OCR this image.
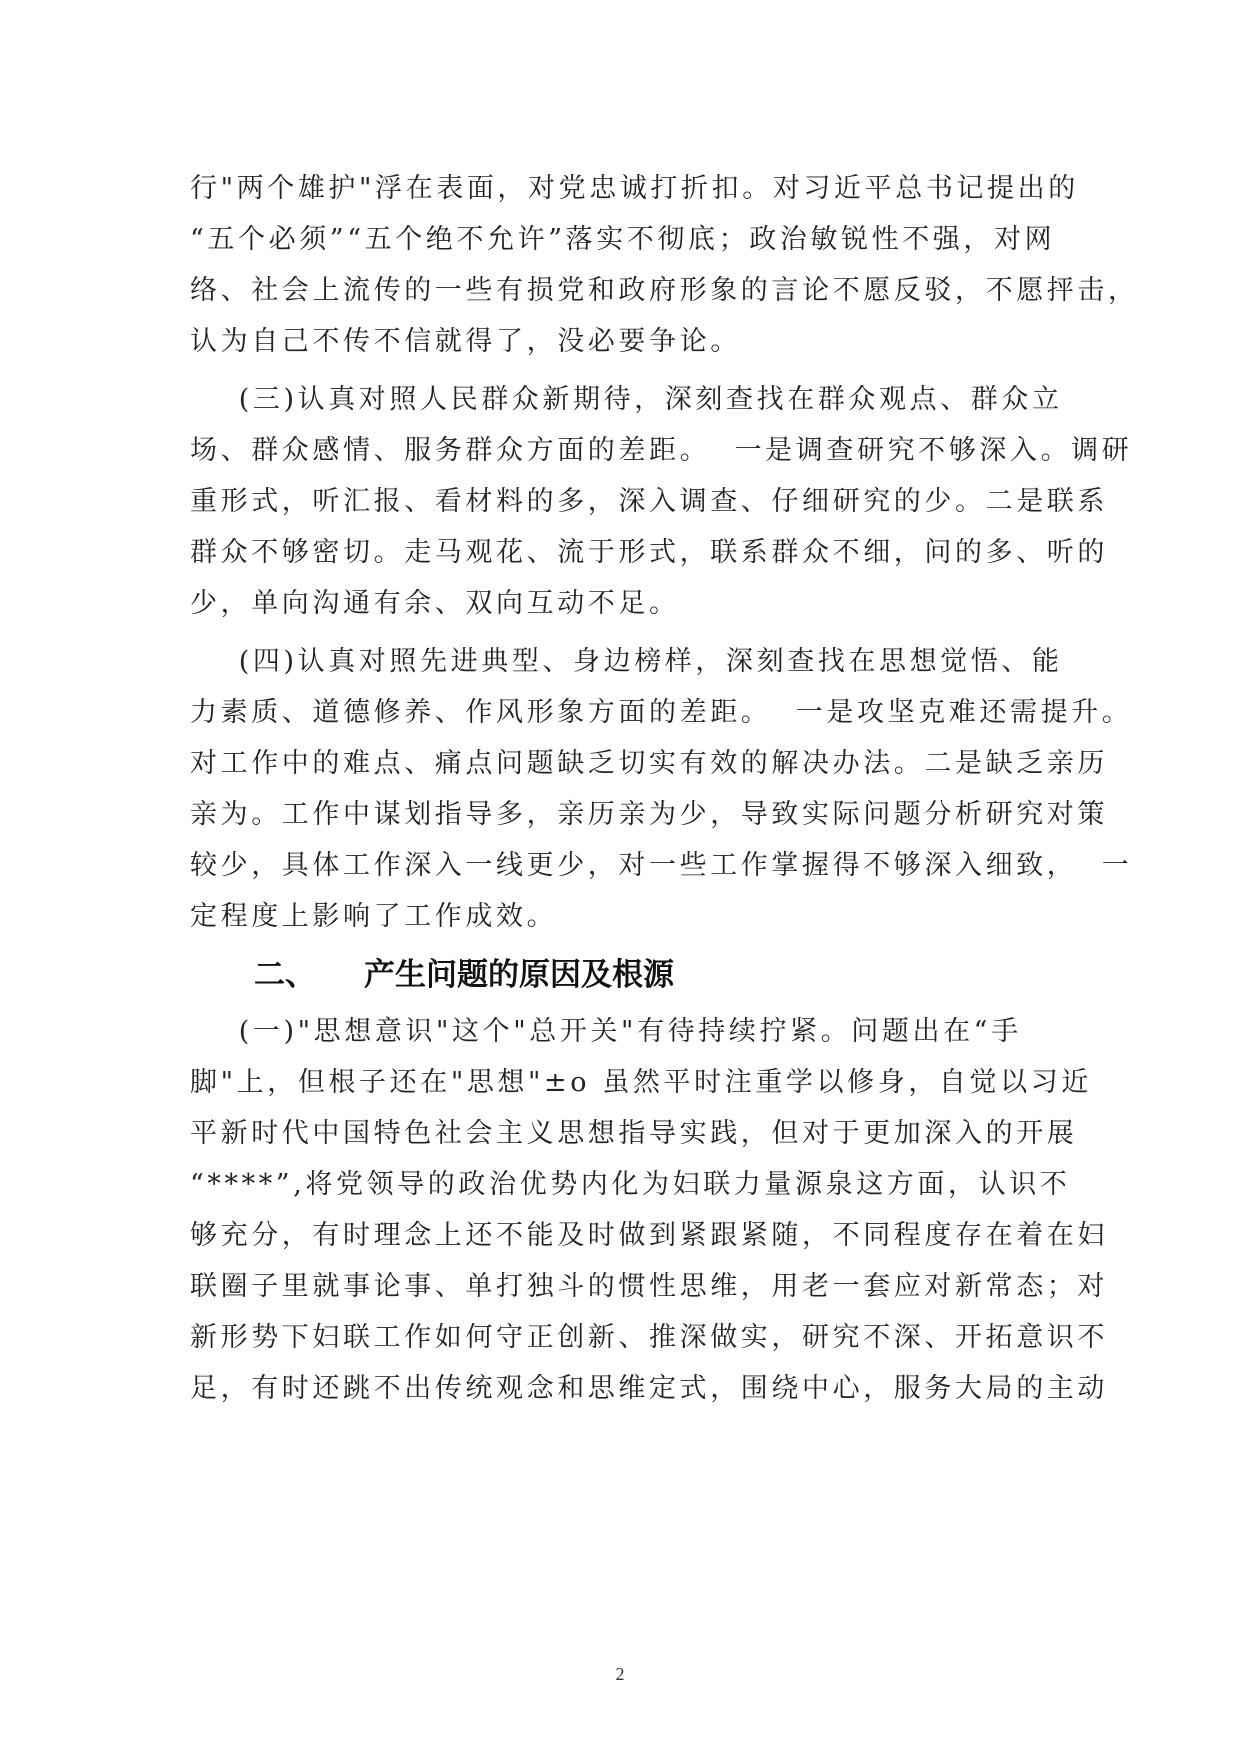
行"两个雄护"浮在表面，对党忠诚打折扣。对习近平总书记提出的
“五个必须”“五个绝不允许”落实不彻底；政治敏锐性不强，对网
络、社会上流传的一些有损党和政府形象的言论不愿反驳，不愿抨击，
认为自己不传不信就得了，没必要争论。
(三)认真对照人民群众新期待，深刻查找在群众观点、群众立
场、群众感情、服务群众方面的差距。  一是调查研究不够深入。调研
重形式，听汇报、看材料的多，深入调查、仔细研究的少。二是联系
群众不够密切。走马观花、流于形式，联系群众不细，问的多、听的
少，单向沟通有余、双向互动不足。
(四)认真对照先进典型、身边榜样，深刻查找在思想觉悟、能
力素质、道德修养、作风形象方面的差距。  一是攻坚克难还需提升。
对工作中的难点、痛点问题缺乏切实有效的解决办法。二是缺乏亲历
亲为。工作中谋划指导多，亲历亲为少，导致实际问题分析研究对策
较少，具体工作深入一线更少，对一些工作掌握得不够深入细致，  一
定程度上影响了工作成效。
二、 产生问题的原因及根源
(一)"思想意识"这个"总开关"有待持续拧紧。问题出在“手
脚"上，但根子还在"思想"±o 虽然平时注重学以修身，自觉以习近
平新时代中国特色社会主义思想指导实践，但对于更加深入的开展
“****”,将党领导的政治优势内化为妇联力量源泉这方面，认识不
够充分，有时理念上还不能及时做到紧跟紧随，不同程度存在着在妇
联圈子里就事论事、单打独斗的惯性思维，用老一套应对新常态；对
新形势下妇联工作如何守正创新、推深做实，研究不深、开拓意识不
足，有时还跳不出传统观念和思维定式，围绕中心，服务大局的主动
2
